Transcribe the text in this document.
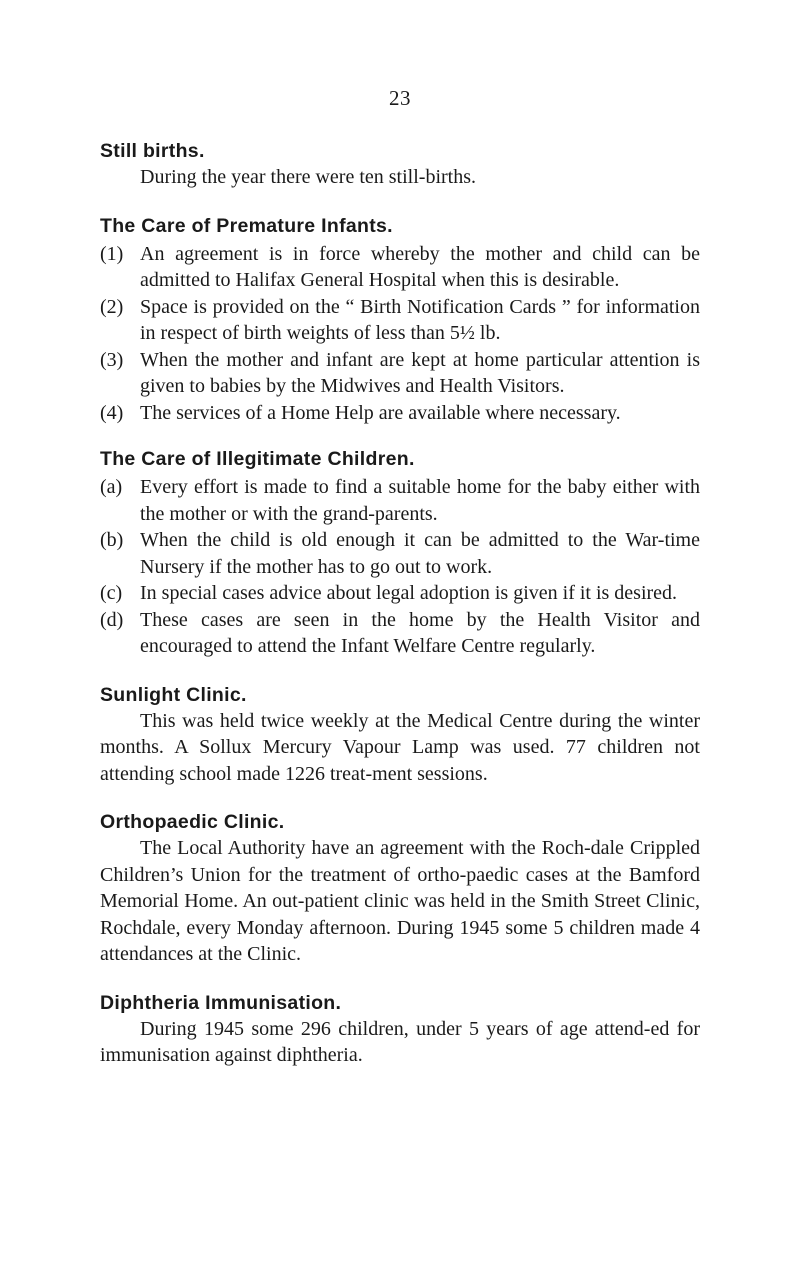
23
Still births.

During the year there were ten still-births.

The Care of Premature Infants.
(1) An agreement is in force whereby the mother and child can be admitted to Halifax General Hospital when this is desirable.
(2) Space is provided on the “ Birth Notification Cards ” for information in respect of birth weights of less than 5½ lb.
(3) When the mother and infant are kept at home particular attention is given to babies by the Midwives and Health Visitors.
(4) The services of a Home Help are available where necessary.
The Care of Illegitimate Children.
(a) Every effort is made to find a suitable home for the baby either with the mother or with the grand-parents.
(b) When the child is old enough it can be admitted to the War-time Nursery if the mother has to go out to work.
(c) In special cases advice about legal adoption is given if it is desired.
(d) These cases are seen in the home by the Health Visitor and encouraged to attend the Infant Welfare Centre regularly.
Sunlight Clinic.

This was held twice weekly at the Medical Centre during the winter months. A Sollux Mercury Vapour Lamp was used. 77 children not attending school made 1226 treat-ment sessions.

Orthopaedic Clinic.

The Local Authority have an agreement with the Roch-dale Crippled Children’s Union for the treatment of ortho-paedic cases at the Bamford Memorial Home. An out-patient clinic was held in the Smith Street Clinic, Rochdale, every Monday afternoon. During 1945 some 5 children made 4 attendances at the Clinic.

Diphtheria Immunisation.

During 1945 some 296 children, under 5 years of age attend-ed for immunisation against diphtheria.
